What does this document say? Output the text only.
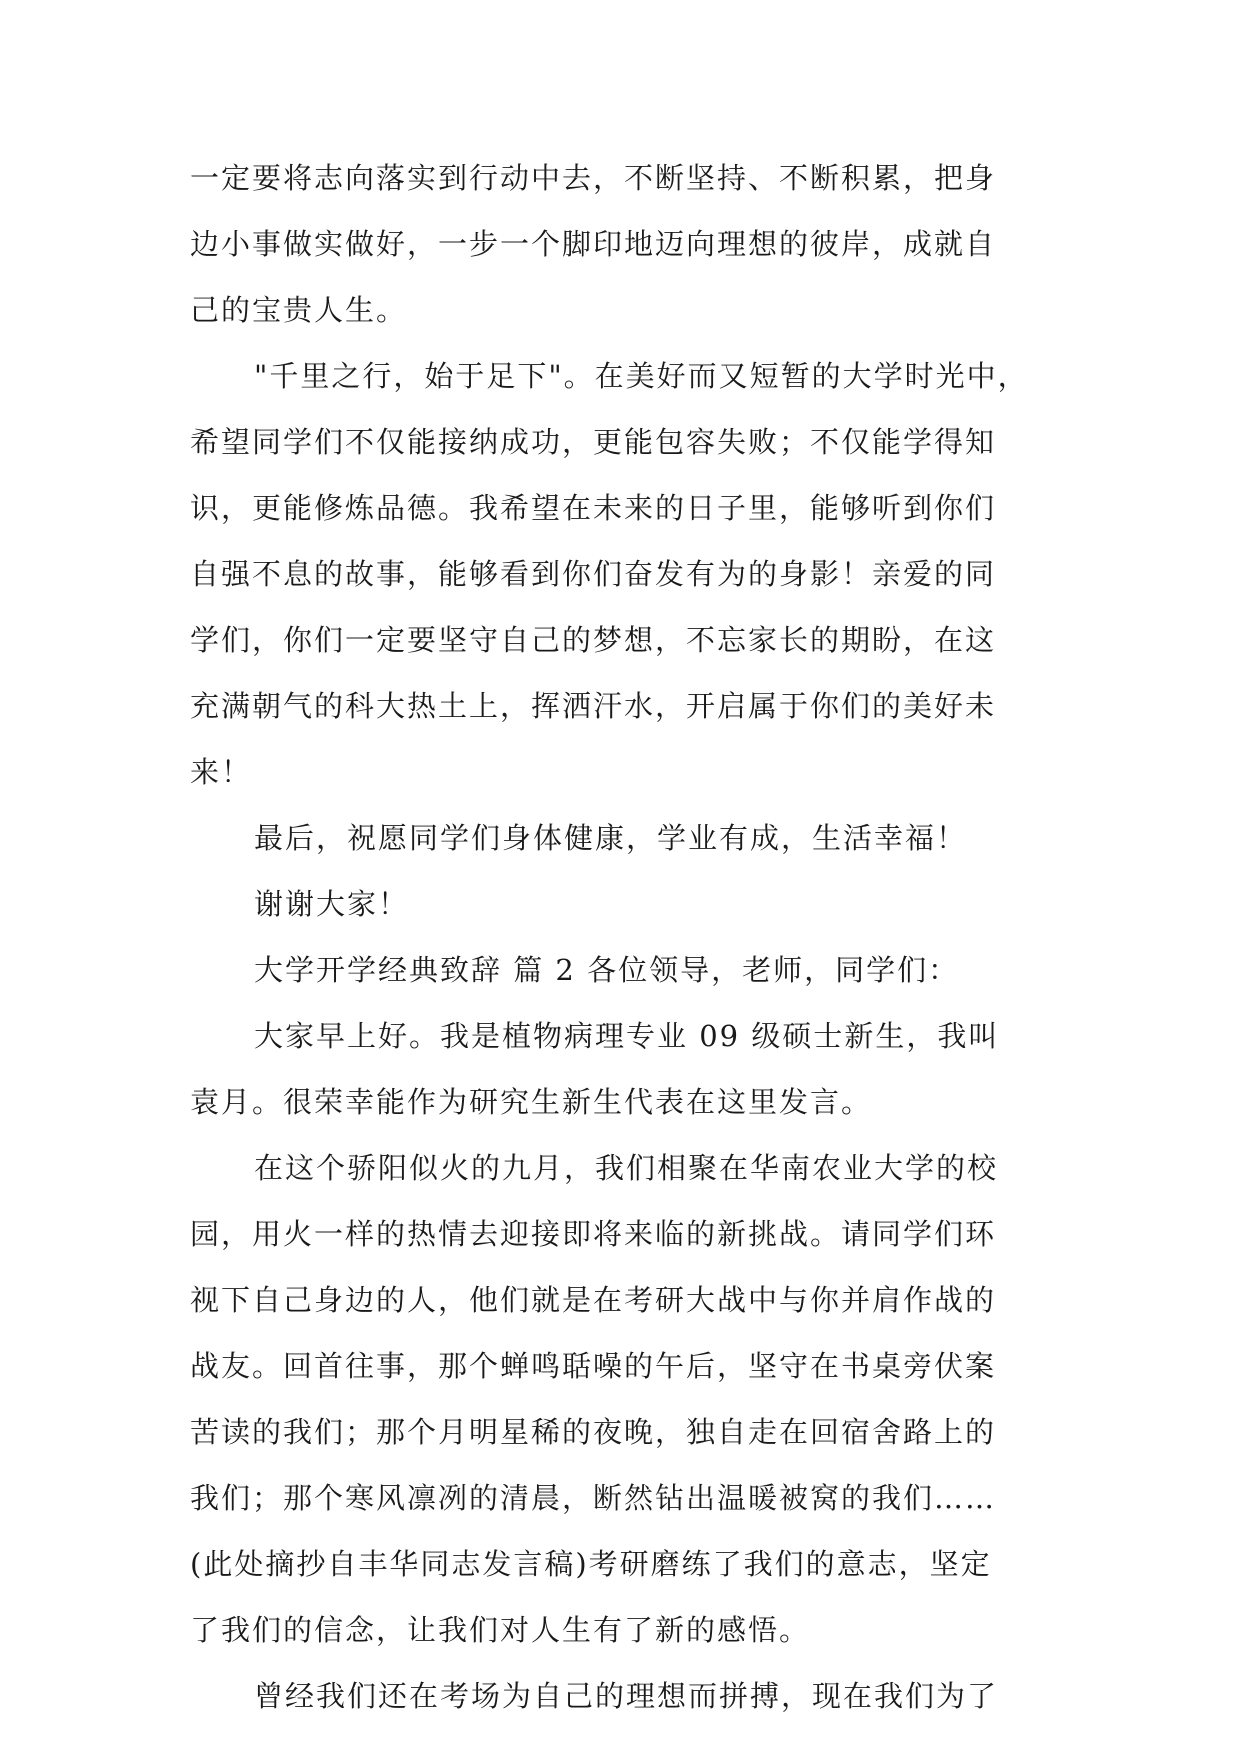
一定要将志向落实到行动中去，不断坚持、不断积累，把身
边小事做实做好，一步一个脚印地迈向理想的彼岸，成就自
己的宝贵人生。
"千里之行，始于足下"。在美好而又短暂的大学时光中，
希望同学们不仅能接纳成功，更能包容失败；不仅能学得知
识，更能修炼品德。我希望在未来的日子里，能够听到你们
自强不息的故事，能够看到你们奋发有为的身影！亲爱的同
学们，你们一定要坚守自己的梦想，不忘家长的期盼，在这
充满朝气的科大热土上，挥洒汗水，开启属于你们的美好未
来！
最后，祝愿同学们身体健康，学业有成，生活幸福！
谢谢大家！
大学开学经典致辞 篇 2 各位领导，老师，同学们：
大家早上好。我是植物病理专业 09 级硕士新生，我叫
袁月。很荣幸能作为研究生新生代表在这里发言。
在这个骄阳似火的九月，我们相聚在华南农业大学的校
园，用火一样的热情去迎接即将来临的新挑战。请同学们环
视下自己身边的人，他们就是在考研大战中与你并肩作战的
战友。回首往事，那个蝉鸣聒噪的午后，坚守在书桌旁伏案
苦读的我们；那个月明星稀的夜晚，独自走在回宿舍路上的
我们；那个寒风凛冽的清晨，断然钻出温暖被窝的我们……
(此处摘抄自丰华同志发言稿)考研磨练了我们的意志，坚定
了我们的信念，让我们对人生有了新的感悟。
曾经我们还在考场为自己的理想而拼搏，现在我们为了
